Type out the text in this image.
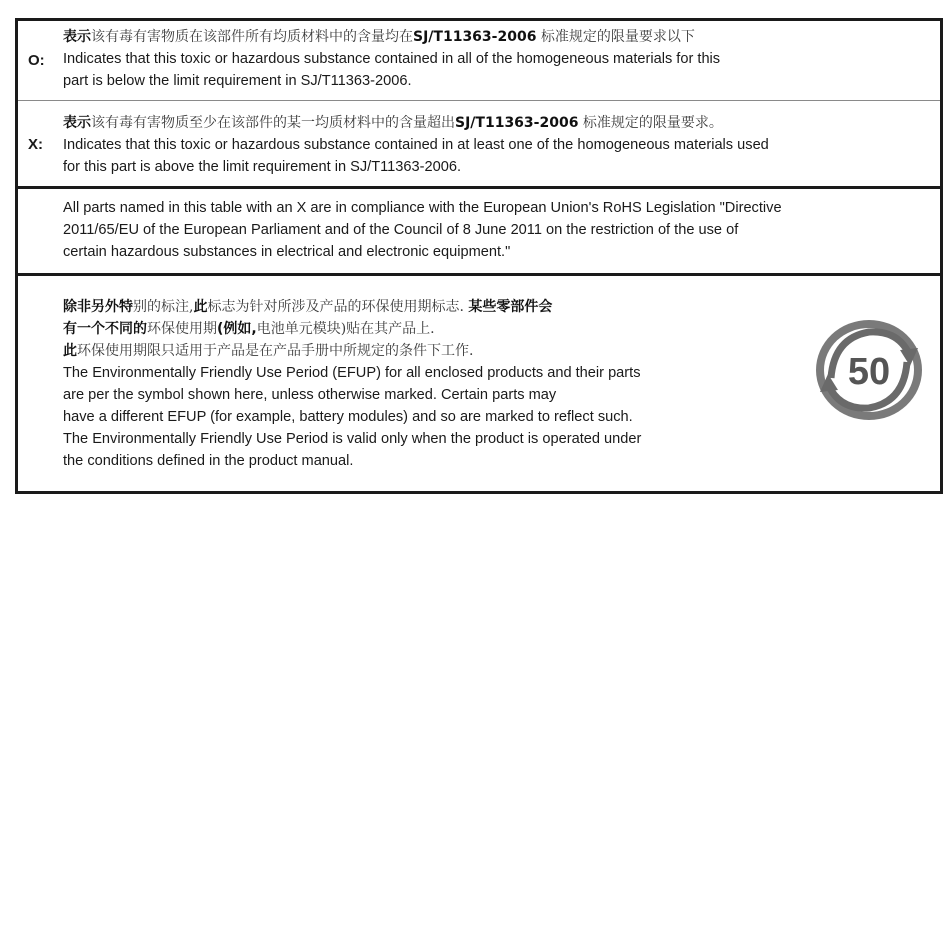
O:
表示该有毒有害物质在该部件所有均质材料中的含量均在SJ/T11363-2006 标准规定的限量要求以下
Indicates that this toxic or hazardous substance contained in all of the homogeneous materials for this
part is below the limit requirement in SJ/T11363-2006.
X:
表示该有毒有害物质至少在该部件的某一均质材料中的含量超出SJ/T11363-2006 标准规定的限量要求。
Indicates that this toxic or hazardous substance contained in at least one of the homogeneous materials used
for this part is above the limit requirement in SJ/T11363-2006.
All parts named in this table with an X are in compliance with the European Union's RoHS Legislation "Directive
2011/65/EU of the European Parliament and of the Council of 8 June 2011 on the restriction of the use of
certain hazardous substances in electrical and electronic equipment."
除非另外特别的标注,此标志为针对所涉及产品的环保使用期标志. 某些零部件会
有一个不同的环保使用期(例如,电池单元模块)贴在其产品上.
此环保使用期限只适用于产品是在产品手册中所规定的条件下工作.
The Environmentally Friendly Use Period (EFUP) for all enclosed products and their parts
are per the symbol shown here, unless otherwise marked. Certain parts may
have a different EFUP (for example, battery modules) and so are marked to reflect such.
The Environmentally Friendly Use Period is valid only when the product is operated under
the conditions defined in the product manual.
50
